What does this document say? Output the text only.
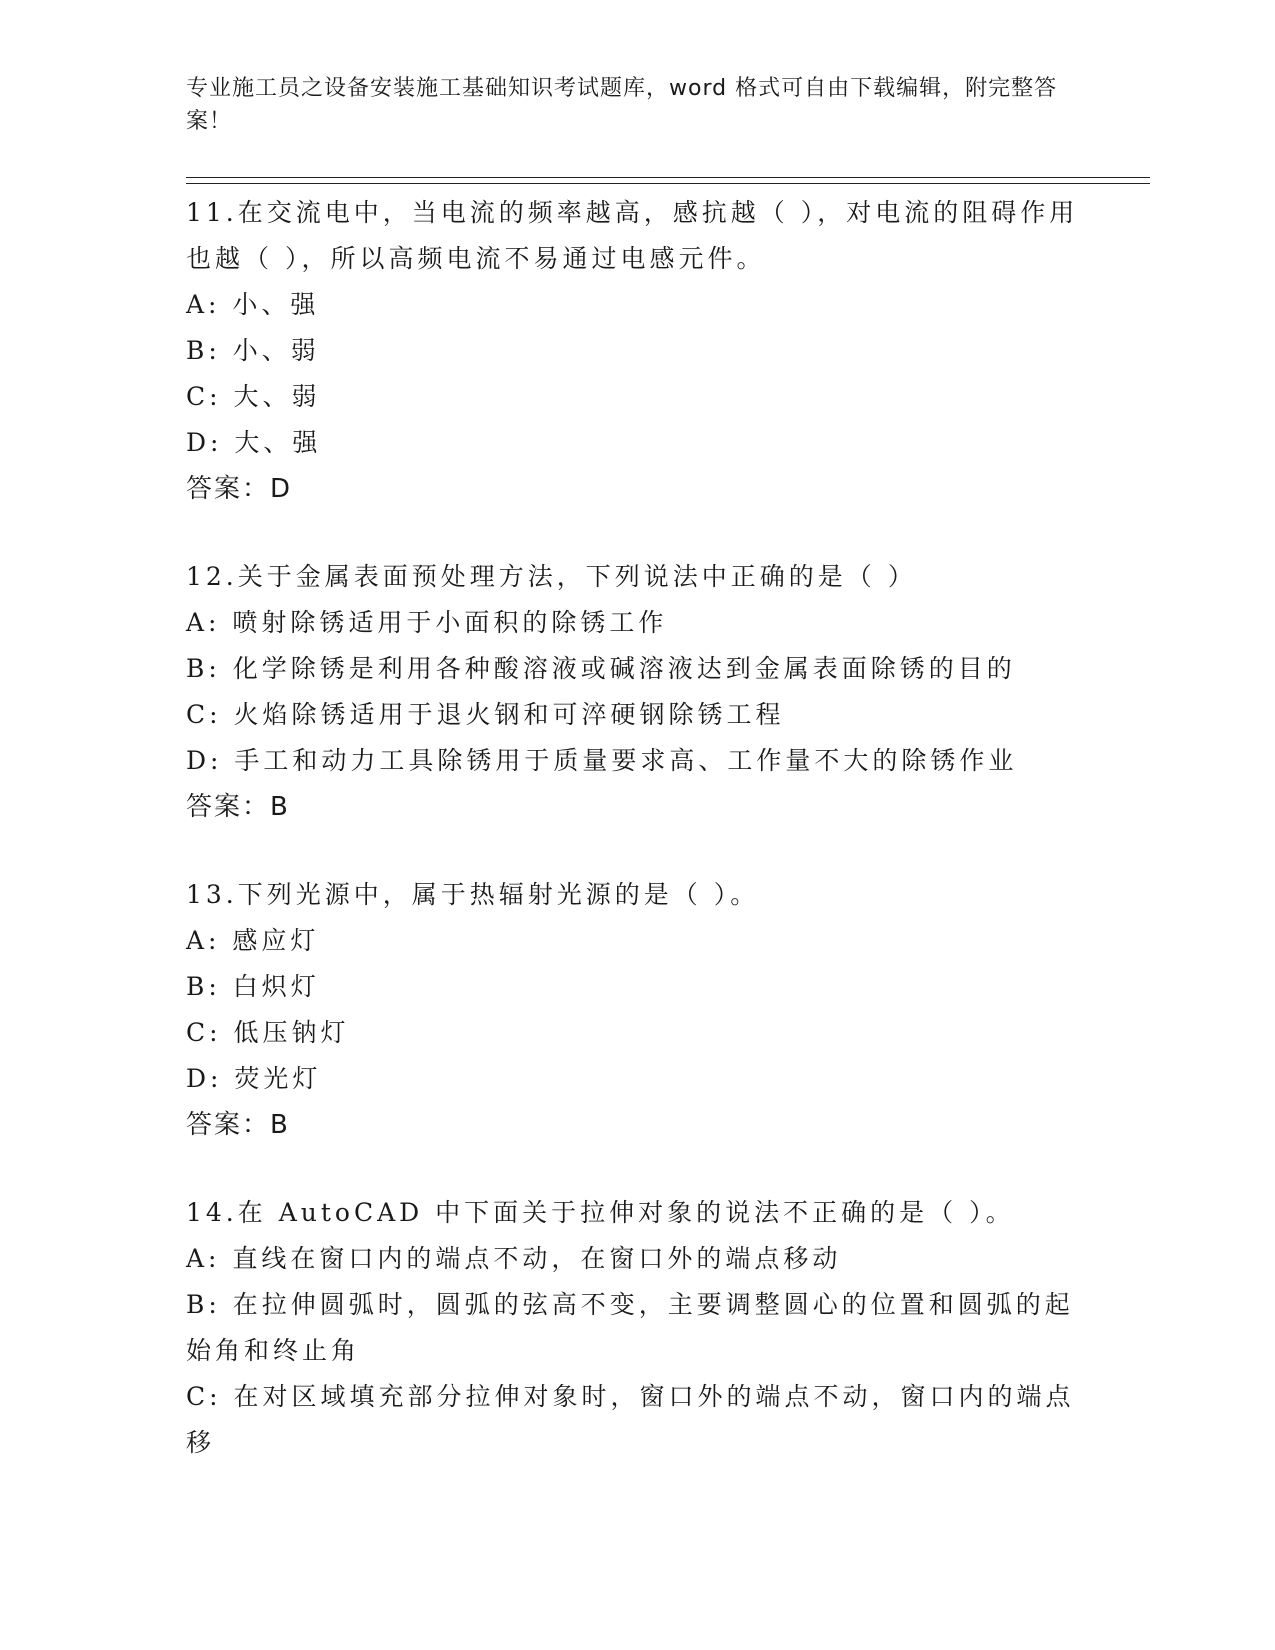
专业施工员之设备安装施工基础知识考试题库，word 格式可自由下载编辑，附完整答案！
11.在交流电中，当电流的频率越高，感抗越（ ），对电流的阻碍作用也越（ ），所以高频电流不易通过电感元件。
A: 小、强
B: 小、弱
C: 大、弱
D: 大、强
答案：D
12.关于金属表面预处理方法，下列说法中正确的是（ ）
A: 喷射除锈适用于小面积的除锈工作
B: 化学除锈是利用各种酸溶液或碱溶液达到金属表面除锈的目的
C: 火焰除锈适用于退火钢和可淬硬钢除锈工程
D: 手工和动力工具除锈用于质量要求高、工作量不大的除锈作业
答案：B
13.下列光源中，属于热辐射光源的是（ ）。
A: 感应灯
B: 白炽灯
C: 低压钠灯
D: 荧光灯
答案：B
14.在 AutoCAD 中下面关于拉伸对象的说法不正确的是（ ）。
A: 直线在窗口内的端点不动，在窗口外的端点移动
B: 在拉伸圆弧时，圆弧的弦高不变，主要调整圆心的位置和圆弧的起始角和终止角
C: 在对区域填充部分拉伸对象时，窗口外的端点不动，窗口内的端点移
